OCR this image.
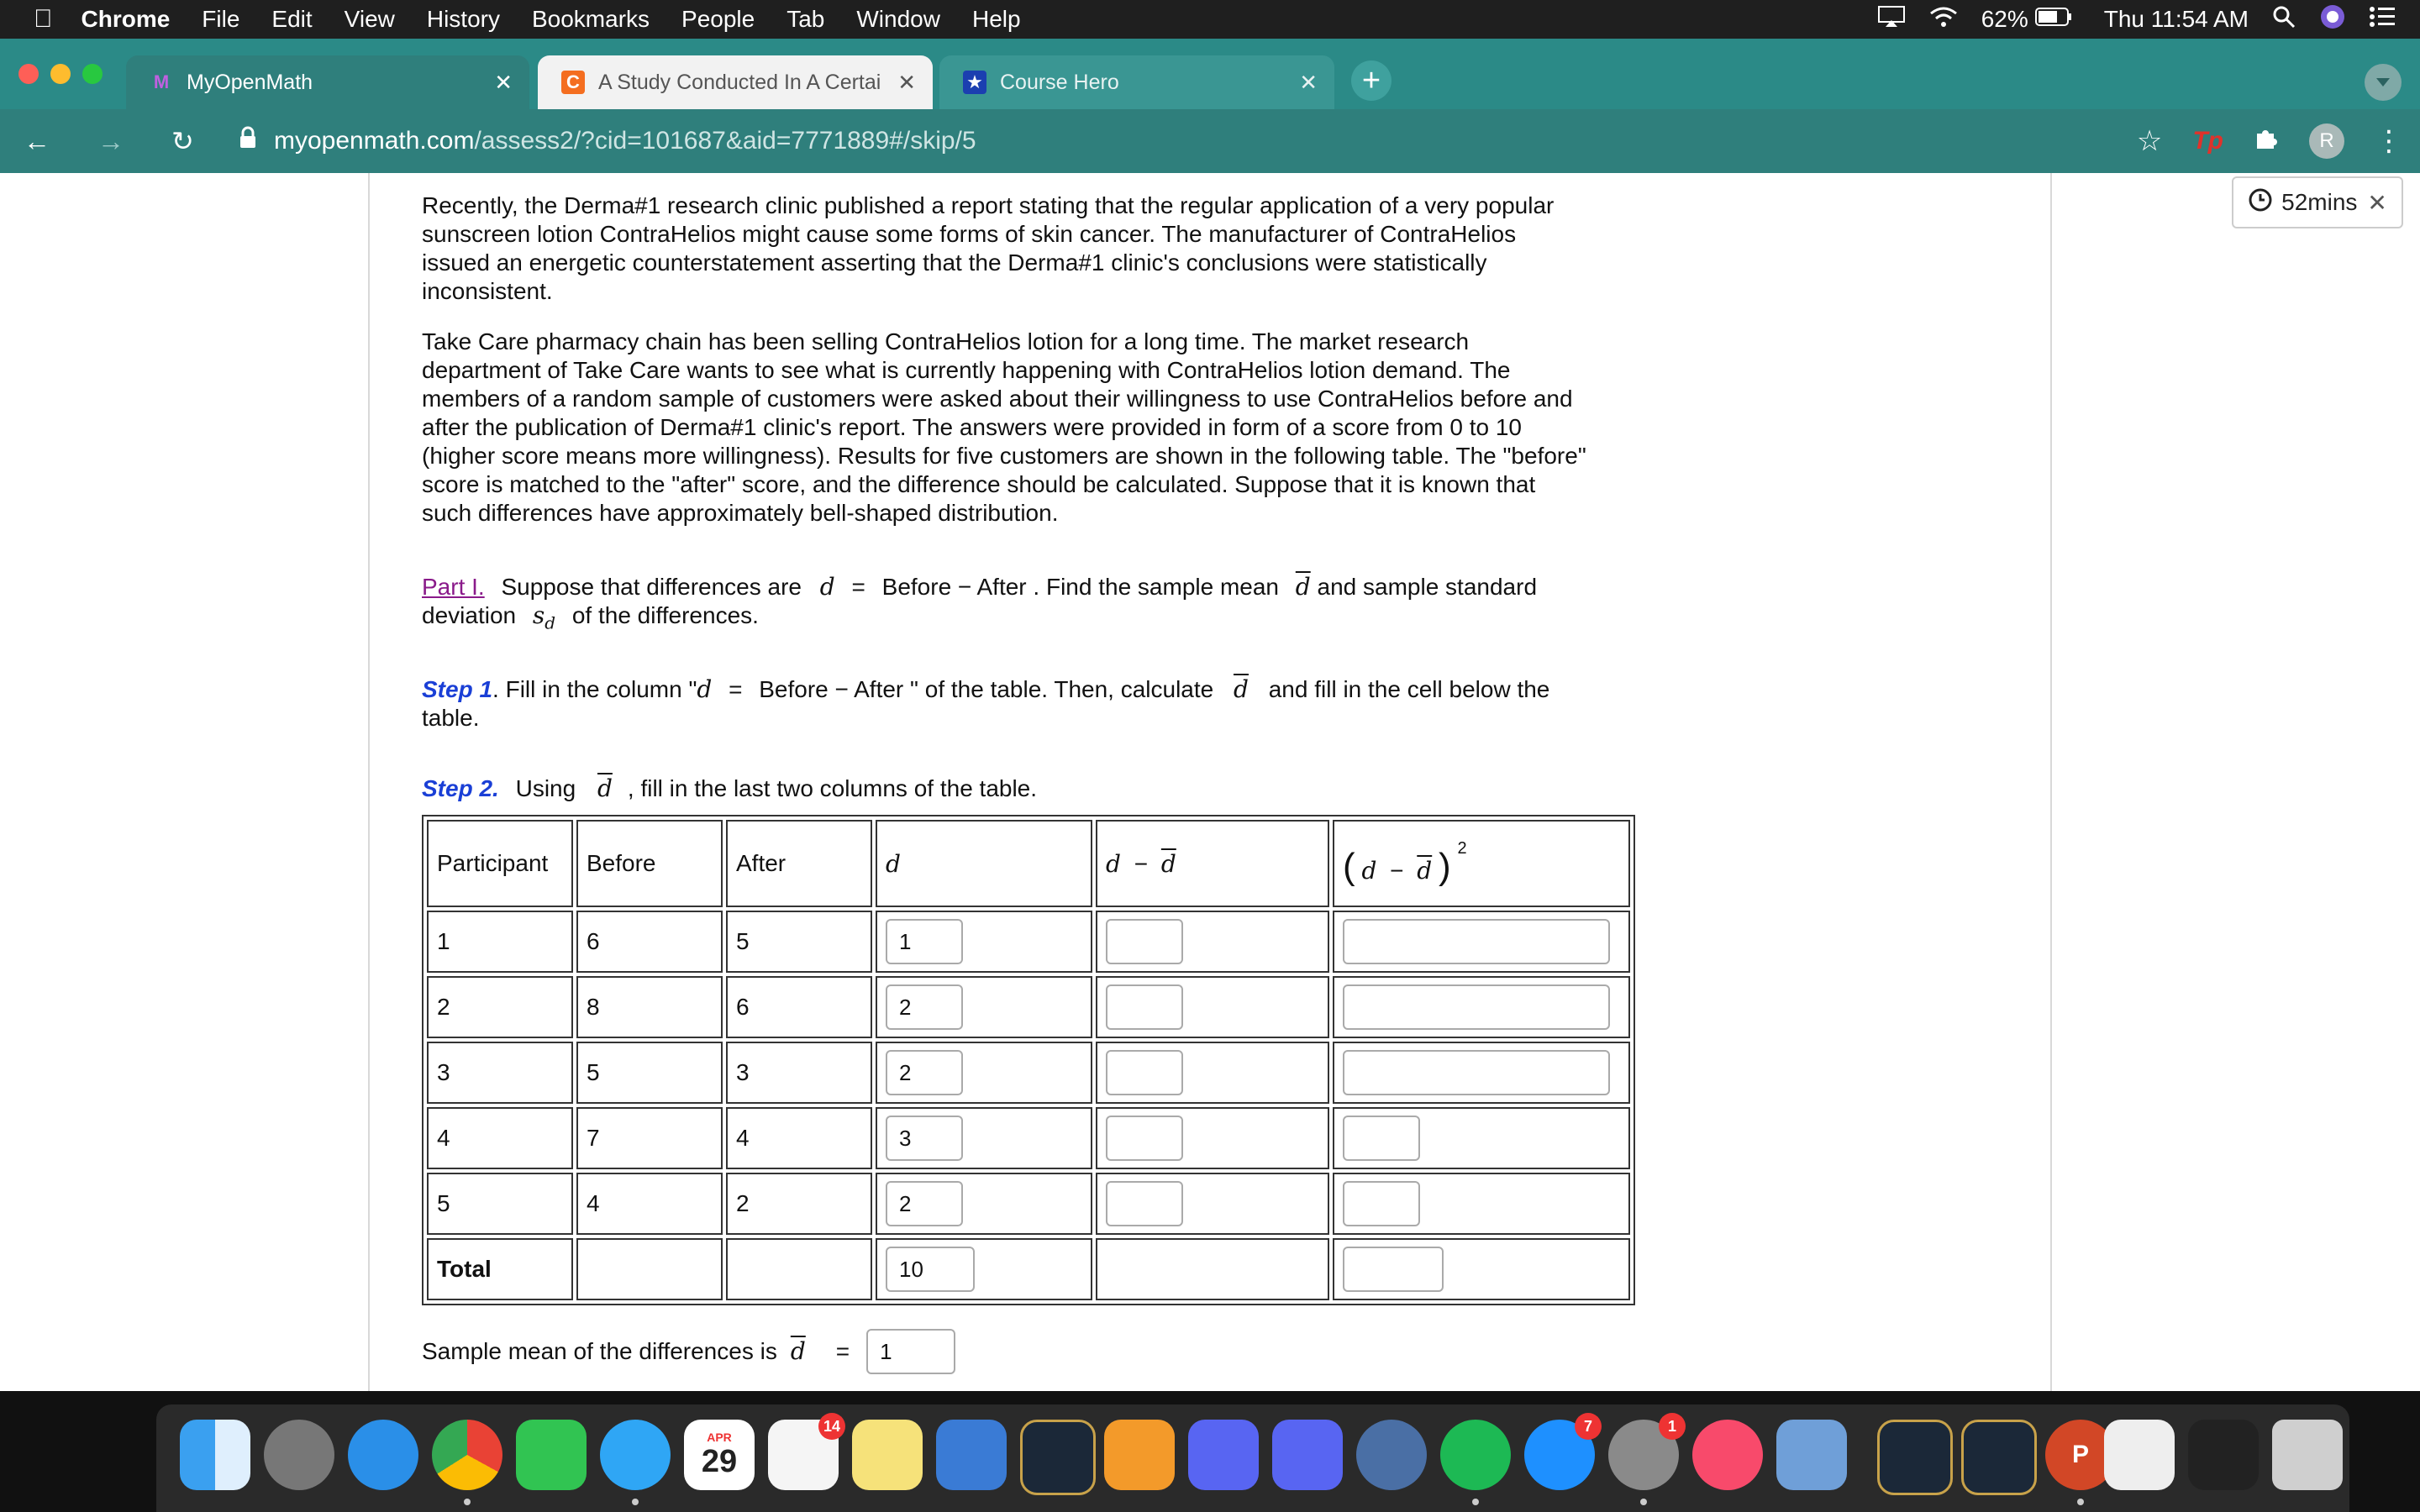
Chrome File Edit View History Bookmarks People Tab Window Help	62%	Thu 11:54 AM
M MyOpenMath	✕	C A Study Conducted In A Certai ✕	★ Course Hero	✕	+
←	→	↻	myopenmath.com/assess2/?cid=101687&aid=7771889#/skip/5	☆ Tp	R	⋮
52mins ✕

Recently, the Derma#1 research clinic published a report stating that the regular application of a very popular sunscreen lotion ContraHelios might cause some forms of skin cancer. The manufacturer of ContraHelios issued an energetic counterstatement asserting that the Derma#1 clinic's conclusions were statistically inconsistent.

Take Care pharmacy chain has been selling ContraHelios lotion for a long time. The market research department of Take Care wants to see what is currently happening with ContraHelios lotion demand. The members of a random sample of customers were asked about their willingness to use ContraHelios before and after the publication of Derma#1 clinic's report. The answers were provided in form of a score from 0 to 10 (higher score means more willingness). Results for five customers are shown in the following table. The "before" score is matched to the "after" score, and the difference should be calculated. Suppose that it is known that such differences have approximately bell-shaped distribution.

Part I. Suppose that differences are d = Before − After . Find the sample mean $\overline{d}$ and sample standard deviation $s_d$ of the differences.

Step 1. Fill in the column "d = Before − After " of the table. Then, calculate $\overline{d}$ and fill in the cell below the table.

Step 2. Using $\overline{d}$ , fill in the last two columns of the table.

Participant	Before	After	d	$d - \overline{d}$	( $d - \overline{d}$ ) $^2$
1	6	5	1		

2	8	6	2		

3	5	3	2		

4	7	4	3		

5	4	2	2		

Total			10		

Sample mean of the differences is $\overline{d}$ =	1
APR
29
14	7	1
P
